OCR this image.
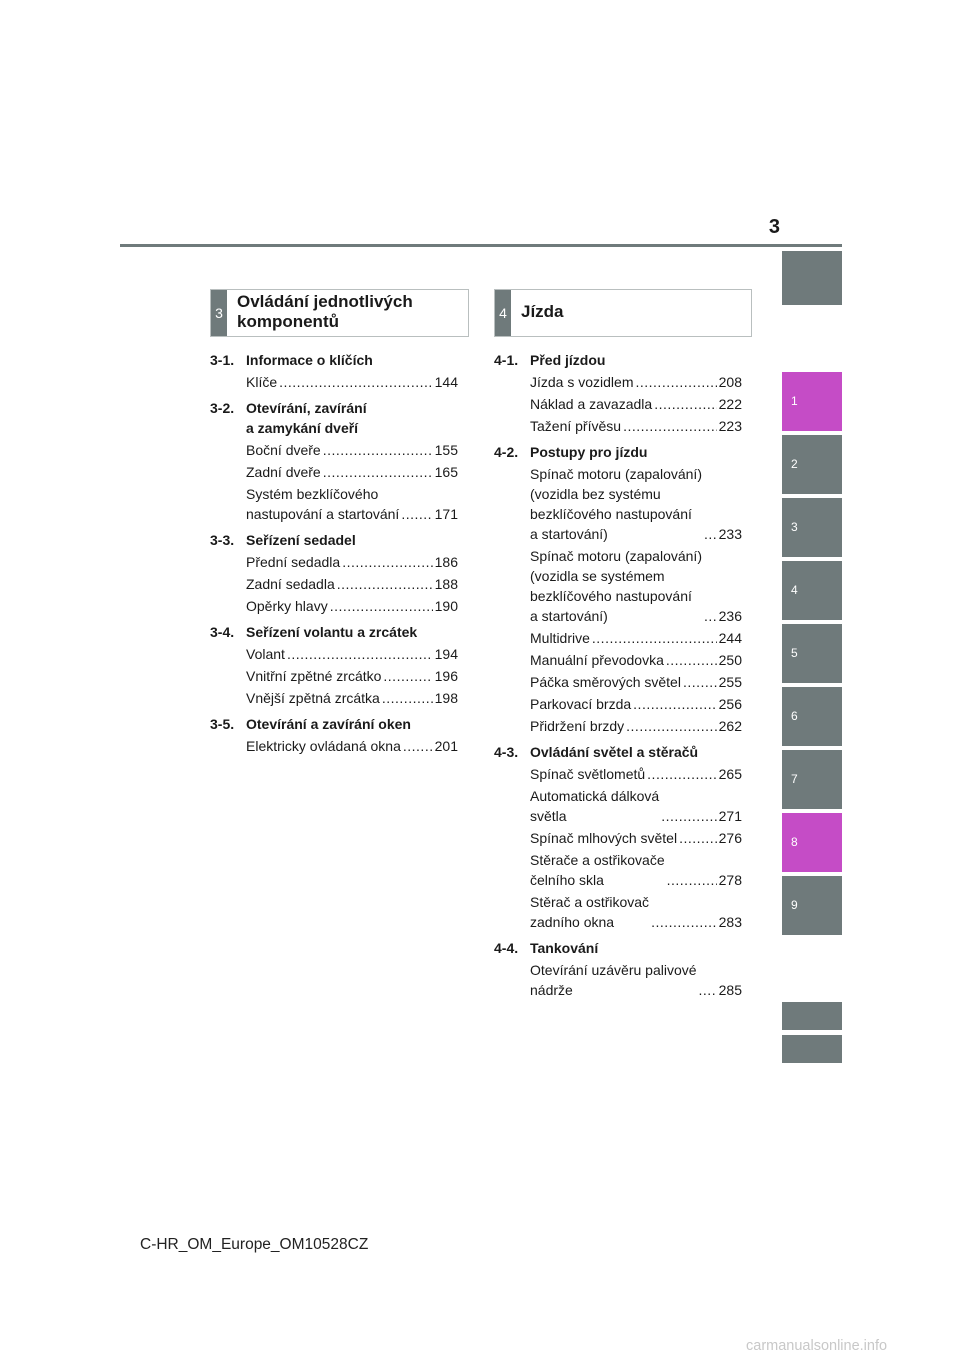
3
1
2
3
4
5
6
7
8
9
3
Ovládání jednotlivých
komponentů	4 Jízda
3-1. Informace o klíčích
Klíče .....	144
3-2. Otevírání, zavírání
a zamykání dveří
Boční dveře .....	155
Zadní dveře .....	165
Systém bezklíčového
nastupování a startování .....	171
3-3. Seřízení sedadel
Přední sedadla .....	186
Zadní sedadla .....	188
Opěrky hlavy .....	190
3-4. Seřízení volantu a zrcátek
Volant .....	194
Vnitřní zpětné zrcátko .....	196
Vnější zpětná zrcátka .....	198
3-5. Otevírání a zavírání oken
Elektricky ovládaná okna ..... 201
4-1. Před jízdou
Jízda s vozidlem .....	208
Náklad a zavazadla .....	222
Tažení přívěsu .....	223
4-2. Postupy pro jízdu
Spínač motoru (zapalování)
(vozidla bez systému
bezklíčového nastupování
a startování) .....	233
Spínač motoru (zapalování)
(vozidla se systémem
bezklíčového nastupování
a startování) .....	236
Multidrive .....	244
Manuální převodovka .....	250
Páčka směrových světel .....	255
Parkovací brzda .....	256
Přidržení brzdy .....	262
4-3. Ovládání světel a stěračů
Spínač světlometů .....	265
Automatická dálková
světla .....	271
Spínač mlhových světel .....	276
Stěrače a ostřikovače
čelního skla .....	278
Stěrač a ostřikovač
zadního okna .....	283
4-4. Tankování
Otevírání uzávěru palivové
nádrže .....	285
C-HR_OM_Europe_OM10528CZ
carmanualsonline.info
